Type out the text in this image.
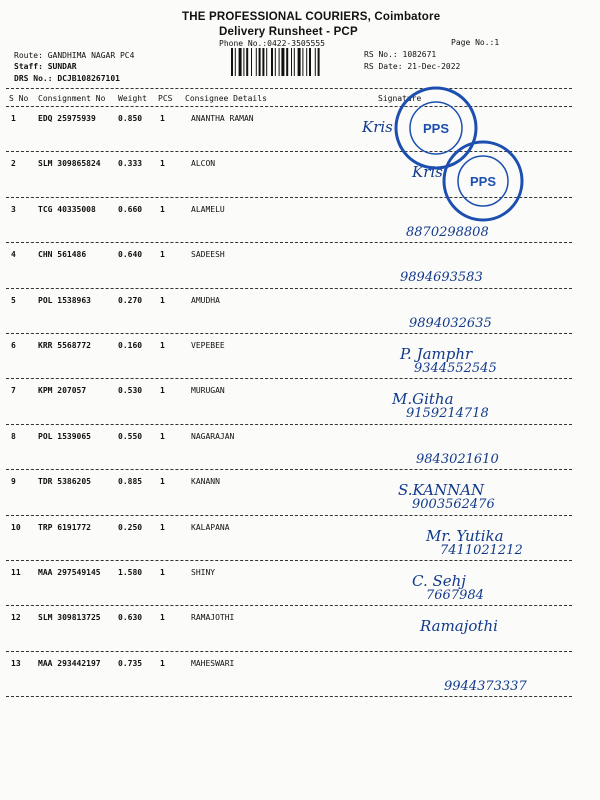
THE PROFESSIONAL COURIERS, Coimbatore
Delivery Runsheet - PCP
Phone No.:0422-3505555	Page No.:1
Route: GANDHIMA NAGAR PC4
Staff: SUNDAR
DRS No.: DCJB108267101
RS No.: 1082671
RS Date: 21-Dec-2022
S No Consignment No Weight PCS Consignee Details	Signature
1	EDQ 25975939	0.850 1	ANANTHA RAMAN	Kris
2	SLM 309865824 0.333 1	ALCON	Kris
3	TCG 40335008	0.660 1	ALAMELU
8870298808
4	CHN 561486	0.640 1	SADEESH
9894693583
5	POL 1538963	0.270 1	AMUDHA
9894032635
6	KRR 5568772	0.160 1	VEPEBEE	P. Jamphr
9344552545
7	KPM 207057	0.530 1	MURUGAN	M.Githa
9159214718
8	POL 1539065	0.550 1	NAGARAJAN
9843021610
9	TDR 5386205	0.885 1	KANANN	S.KANNAN
9003562476
10 TRP 6191772	0.250 1	KALAPANA	Mr. Yutika
7411021212
11 MAA 297549145 1.580 1	SHINY	C. Sehj
7667984
12 SLM 309813725 0.630 1	RAMAJOTHI	Ramajothi
13 MAA 293442197 0.735 1	MAHESWARI
9944373337
PPS
PPS
